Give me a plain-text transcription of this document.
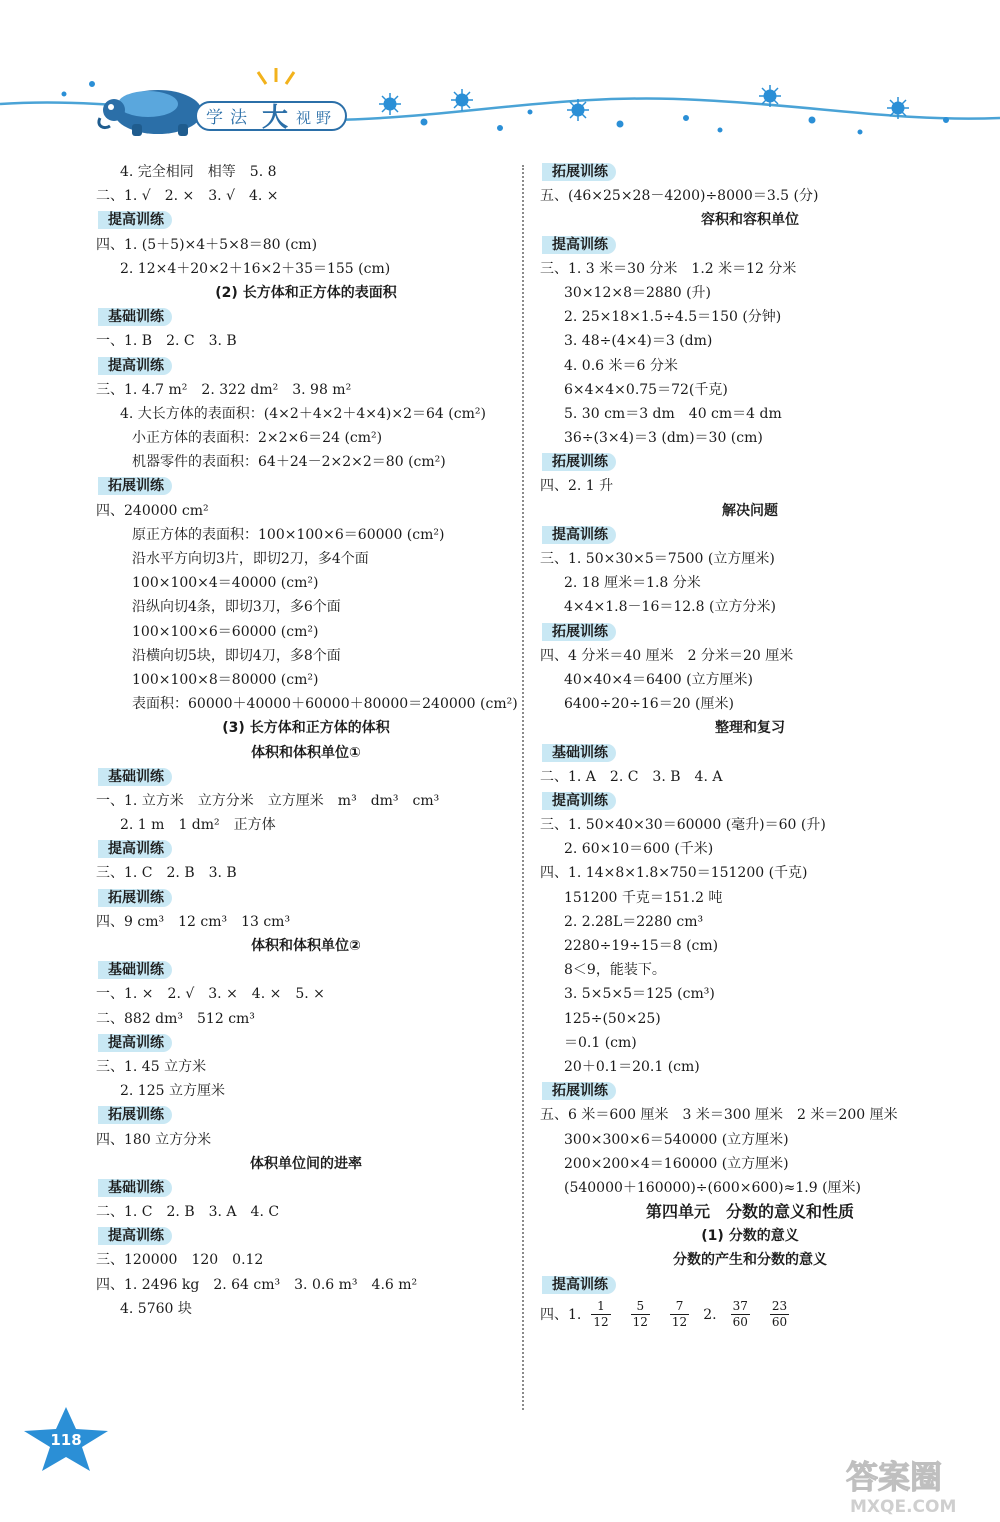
学 法 大 视 野
4. 完全相同　相等　5. 8
二、1. √　2. ×　3. √　4. ×
提高训练
四、1. (5＋5)×4＋5×8＝80 (cm)
2. 12×4＋20×2＋16×2＋35＝155 (cm)
(2) 长方体和正方体的表面积
基础训练
一、1. B　2. C　3. B
提高训练
三、1. 4.7 m²　2. 322 dm²　3. 98 m²
4. 大长方体的表面积：(4×2＋4×2＋4×4)×2＝64 (cm²)
小正方体的表面积：2×2×6＝24 (cm²)
机器零件的表面积：64＋24－2×2×2＝80 (cm²)
拓展训练
四、240000 cm²
原正方体的表面积：100×100×6＝60000 (cm²)
沿水平方向切3片，即切2刀，多4个面
100×100×4＝40000 (cm²)
沿纵向切4条，即切3刀，多6个面
100×100×6＝60000 (cm²)
沿横向切5块，即切4刀，多8个面
100×100×8＝80000 (cm²)
表面积：60000＋40000＋60000＋80000＝240000 (cm²)
(3) 长方体和正方体的体积
体积和体积单位①
基础训练
一、1. 立方米　立方分米　立方厘米　m³　dm³　cm³
2. 1 m　1 dm²　正方体
提高训练
三、1. C　2. B　3. B
拓展训练
四、9 cm³　12 cm³　13 cm³
体积和体积单位②
基础训练
一、1. ×　2. √　3. ×　4. ×　5. ×
二、882 dm³　512 cm³
提高训练
三、1. 45 立方米
2. 125 立方厘米
拓展训练
四、180 立方分米
体积单位间的进率
基础训练
二、1. C　2. B　3. A　4. C
提高训练
三、120000　120　0.12
四、1. 2496 kg　2. 64 cm³　3. 0.6 m³　4.6 m²
4. 5760 块
拓展训练
五、(46×25×28－4200)÷8000＝3.5 (分)
容积和容积单位
提高训练
三、1. 3 米＝30 分米　1.2 米＝12 分米
30×12×8＝2880 (升)
2. 25×18×1.5÷4.5＝150 (分钟)
3. 48÷(4×4)＝3 (dm)
4. 0.6 米＝6 分米
6×4×4×0.75＝72(千克)
5. 30 cm＝3 dm　40 cm＝4 dm
36÷(3×4)＝3 (dm)＝30 (cm)
拓展训练
四、2. 1 升
解决问题
提高训练
三、1. 50×30×5＝7500 (立方厘米)
2. 18 厘米＝1.8 分米
4×4×1.8－16＝12.8 (立方分米)
拓展训练
四、4 分米＝40 厘米　2 分米＝20 厘米
40×40×4＝6400 (立方厘米)
6400÷20÷16＝20 (厘米)
整理和复习
基础训练
二、1. A　2. C　3. B　4. A
提高训练
三、1. 50×40×30＝60000 (毫升)＝60 (升)
2. 60×10＝600 (千米)
四、1. 14×8×1.8×750＝151200 (千克)
151200 千克＝151.2 吨
2. 2.28L＝2280 cm³
2280÷19÷15＝8 (cm)
8＜9，能装下。
3. 5×5×5＝125 (cm³)
125÷(50×25)
＝0.1 (cm)
20＋0.1＝20.1 (cm)
拓展训练
五、6 米＝600 厘米　3 米＝300 厘米　2 米＝200 厘米
300×300×6＝540000 (立方厘米)
200×200×4＝160000 (立方厘米)
(540000＋160000)÷(600×600)≈1.9 (厘米)
第四单元　分数的意义和性质
(1) 分数的意义
分数的产生和分数的意义
提高训练
四、1. $\frac{1}{12} \frac{5}{12} \frac{7}{12} 2$. $\frac{37}{60} \frac{23}{60}$
118
答案圈
MXQE.COM
